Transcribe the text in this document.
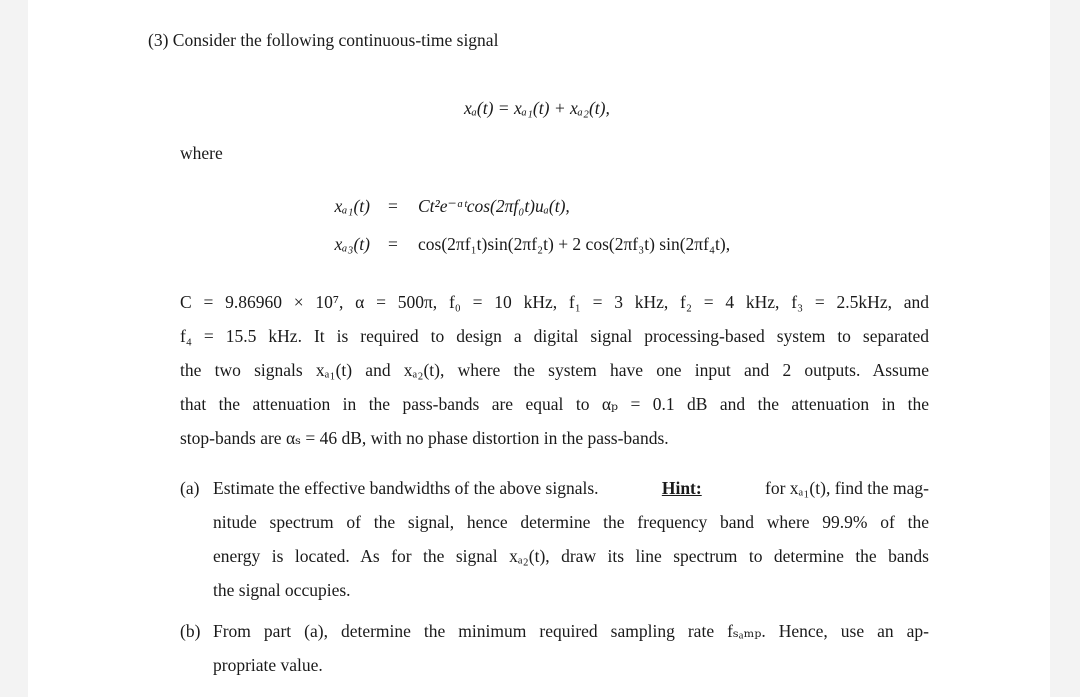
(3) Consider the following continuous-time signal
xₐ(t) = xₐ₁(t) + xₐ₂(t),
where
xₐ₁(t) = Ct²e⁻ᵅᵗcos(2πf₀t)uₐ(t),
xₐ₃(t) = cos(2πf₁t)sin(2πf₂t) + 2 cos(2πf₃t) sin(2πf₄t),
C = 9.86960 × 10⁷, α = 500π, f₀ = 10 kHz, f₁ = 3 kHz, f₂ = 4 kHz, f₃ = 2.5kHz, and
f₄ = 15.5 kHz. It is required to design a digital signal processing-based system to separated
the two signals xₐ₁(t) and xₐ₂(t), where the system have one input and 2 outputs. Assume
that the attenuation in the pass-bands are equal to αₚ = 0.1 dB and the attenuation in the
stop-bands are αₛ = 46 dB, with no phase distortion in the pass-bands.
(a) Estimate the effective bandwidths of the above signals.	Hint:	for xₐ₁(t), find the mag-
nitude spectrum of the signal, hence determine the frequency band where 99.9% of the
energy is located. As for the signal xₐ₂(t), draw its line spectrum to determine the bands
the signal occupies.
(b) From part (a), determine the minimum required sampling rate fₛₐₘₚ. Hence, use an ap-
propriate value.
